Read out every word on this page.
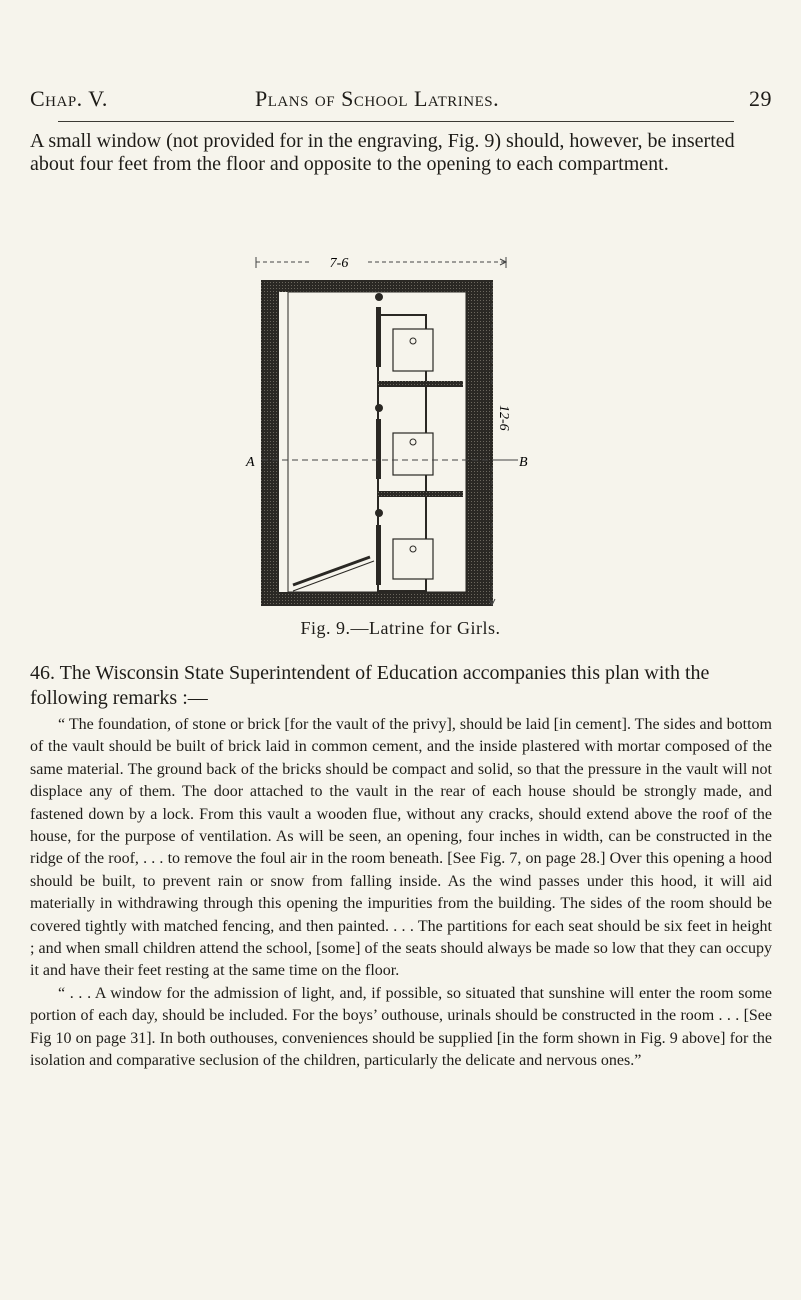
Chap. V.	Plans of School Latrines.	29
A small window (not provided for in the engraving, Fig. 9) should, however, be inserted about four feet from the floor and opposite to the opening to each compartment.
7-6
A	B
12-6
Fig. 9.—Latrine for Girls.
46. The Wisconsin State Superintendent of Education accompanies this plan with the following remarks :—

“ The foundation, of stone or brick [for the vault of the privy], should be laid [in cement]. The sides and bottom of the vault should be built of brick laid in common cement, and the inside plastered with mortar composed of the same material. The ground back of the bricks should be compact and solid, so that the pressure in the vault will not displace any of them. The door attached to the vault in the rear of each house should be strongly made, and fastened down by a lock. From this vault a wooden flue, without any cracks, should extend above the roof of the house, for the purpose of ventilation. As will be seen, an opening, four inches in width, can be constructed in the ridge of the roof, . . . to remove the foul air in the room beneath. [See Fig. 7, on page 28.] Over this opening a hood should be built, to prevent rain or snow from falling inside. As the wind passes under this hood, it will aid materially in withdrawing through this opening the impurities from the building. The sides of the room should be covered tightly with matched fencing, and then painted. . . . The partitions for each seat should be six feet in height ; and when small children attend the school, [some] of the seats should always be made so low that they can occupy it and have their feet resting at the same time on the floor.

“ . . . A window for the admission of light, and, if possible, so situated that sunshine will enter the room some portion of each day, should be included. For the boys’ outhouse, urinals should be constructed in the room . . . [See Fig 10 on page 31]. In both outhouses, conveniences should be supplied [in the form shown in Fig. 9 above] for the isolation and comparative seclusion of the children, particularly the delicate and nervous ones.”
